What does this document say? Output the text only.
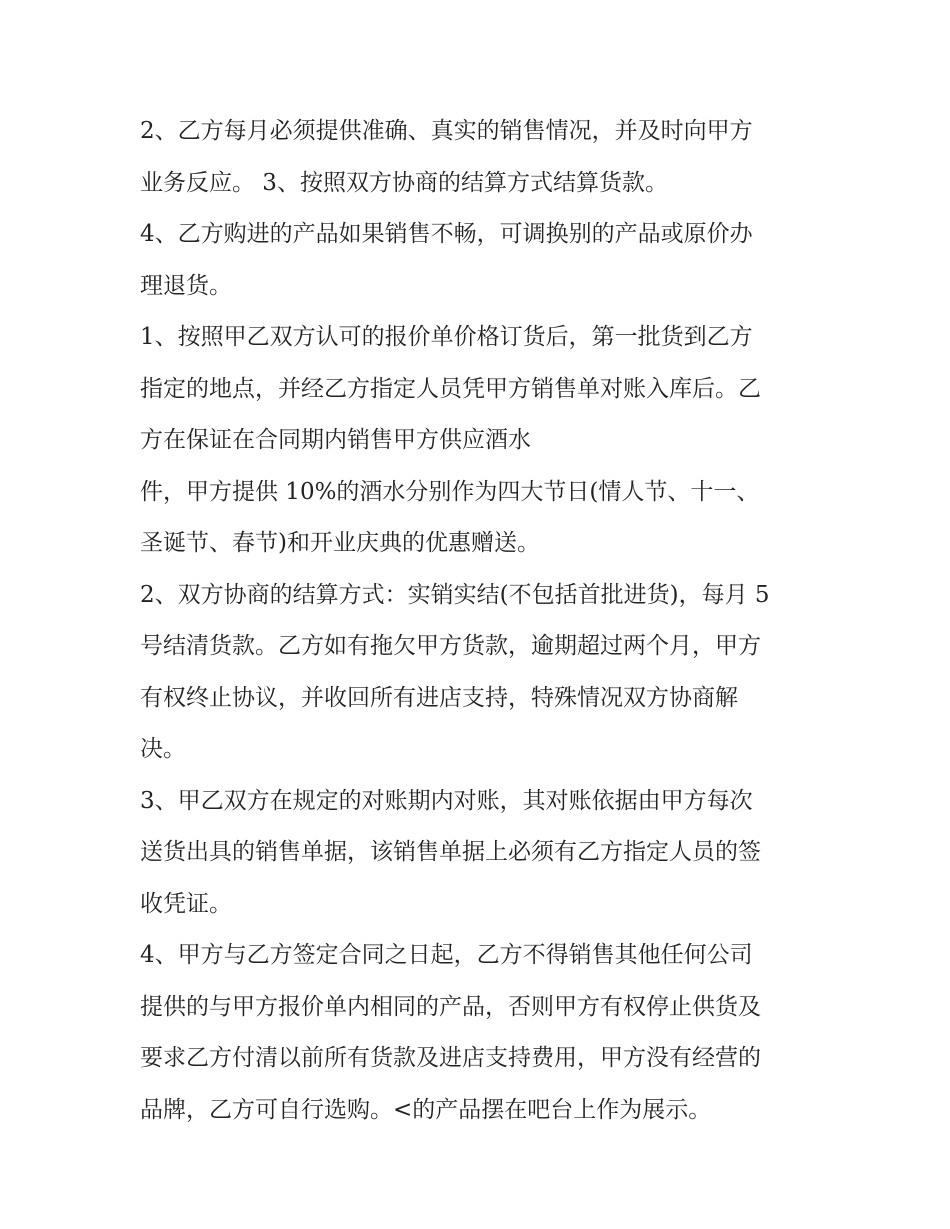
2、乙方每月必须提供准确、真实的销售情况，并及时向甲方
业务反应。 3、按照双方协商的结算方式结算货款。
4、乙方购进的产品如果销售不畅，可调换别的产品或原价办
理退货。
1、按照甲乙双方认可的报价单价格订货后，第一批货到乙方
指定的地点，并经乙方指定人员凭甲方销售单对账入库后。乙
方在保证在合同期内销售甲方供应酒水
件，甲方提供 10%的酒水分别作为四大节日(情人节、十一、
圣诞节、春节)和开业庆典的优惠赠送。
2、双方协商的结算方式：实销实结(不包括首批进货)，每月 5
号结清货款。乙方如有拖欠甲方货款，逾期超过两个月，甲方
有权终止协议，并收回所有进店支持，特殊情况双方协商解
决。
3、甲乙双方在规定的对账期内对账，其对账依据由甲方每次
送货出具的销售单据，该销售单据上必须有乙方指定人员的签
收凭证。
4、甲方与乙方签定合同之日起，乙方不得销售其他任何公司
提供的与甲方报价单内相同的产品，否则甲方有权停止供货及
要求乙方付清以前所有货款及进店支持费用，甲方没有经营的
品牌，乙方可自行选购。<的产品摆在吧台上作为展示。
